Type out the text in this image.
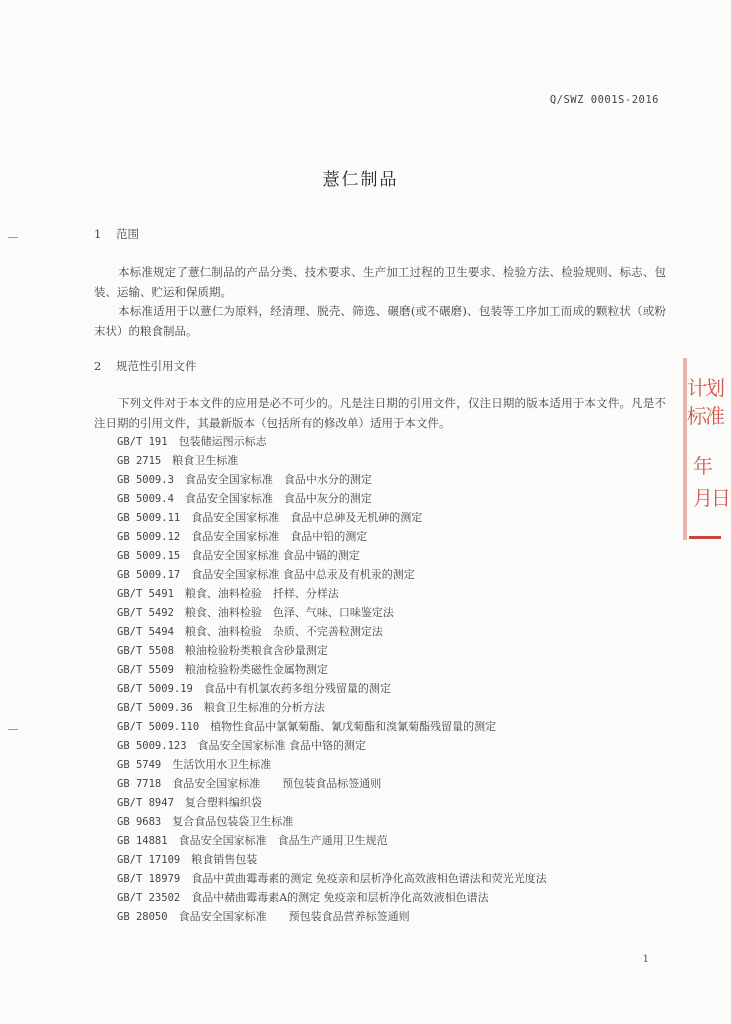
Q/SWZ 0001S-2016
薏仁制品
1 范围

本标准规定了薏仁制品的产品分类、技术要求、生产加工过程的卫生要求、检验方法、检验规则、标志、包装、运输、贮运和保质期。

本标准适用于以薏仁为原料，经清理、脱壳、筛选、碾磨(或不碾磨)、包装等工序加工而成的颗粒状（或粉末状）的粮食制品。

2 规范性引用文件

下列文件对于本文件的应用是必不可少的。凡是注日期的引用文件，仅注日期的版本适用于本文件。凡是不注日期的引用文件，其最新版本（包括所有的修改单）适用于本文件。

GB/T 191　 包装储运图示标志
GB 2715　 粮食卫生标准
GB 5009.3　 食品安全国家标准　食品中水分的测定
GB 5009.4　 食品安全国家标准　食品中灰分的测定
GB 5009.11　 食品安全国家标准　食品中总砷及无机砷的测定
GB 5009.12　 食品安全国家标准　食品中铅的测定
GB 5009.15　 食品安全国家标准 食品中镉的测定
GB 5009.17　 食品安全国家标准 食品中总汞及有机汞的测定
GB/T 5491　 粮食、油料检验　扦样、分样法
GB/T 5492　 粮食、油料检验　色泽、气味、口味鉴定法
GB/T 5494　 粮食、油料检验　杂质、不完善粒测定法
GB/T 5508　 粮油检验粉类粮食含砂量测定
GB/T 5509　 粮油检验粉类磁性金属物测定
GB/T 5009.19　 食品中有机氯农药多组分残留量的测定
GB/T 5009.36　 粮食卫生标准的分析方法
GB/T 5009.110　 植物性食品中氯氰菊酯、氰戊菊酯和溴氰菊酯残留量的测定
GB 5009.123　 食品安全国家标准 食品中铬的测定
GB 5749　 生活饮用水卫生标准
GB 7718　 食品安全国家标准　　预包装食品标签通则
GB/T 8947　 复合塑料编织袋
GB 9683　 复合食品包装袋卫生标准
GB 14881　 食品安全国家标准　食品生产通用卫生规范
GB/T 17109　 粮食销售包装
GB/T 18979　 食品中黄曲霉毒素的测定 免疫亲和层析净化高效液相色谱法和荧光光度法
GB/T 23502　 食品中赭曲霉毒素A的测定 免疫亲和层析净化高效液相色谱法
GB 28050　 食品安全国家标准　　预包装食品营养标签通则
1
计
划
标
准
年
月
日
